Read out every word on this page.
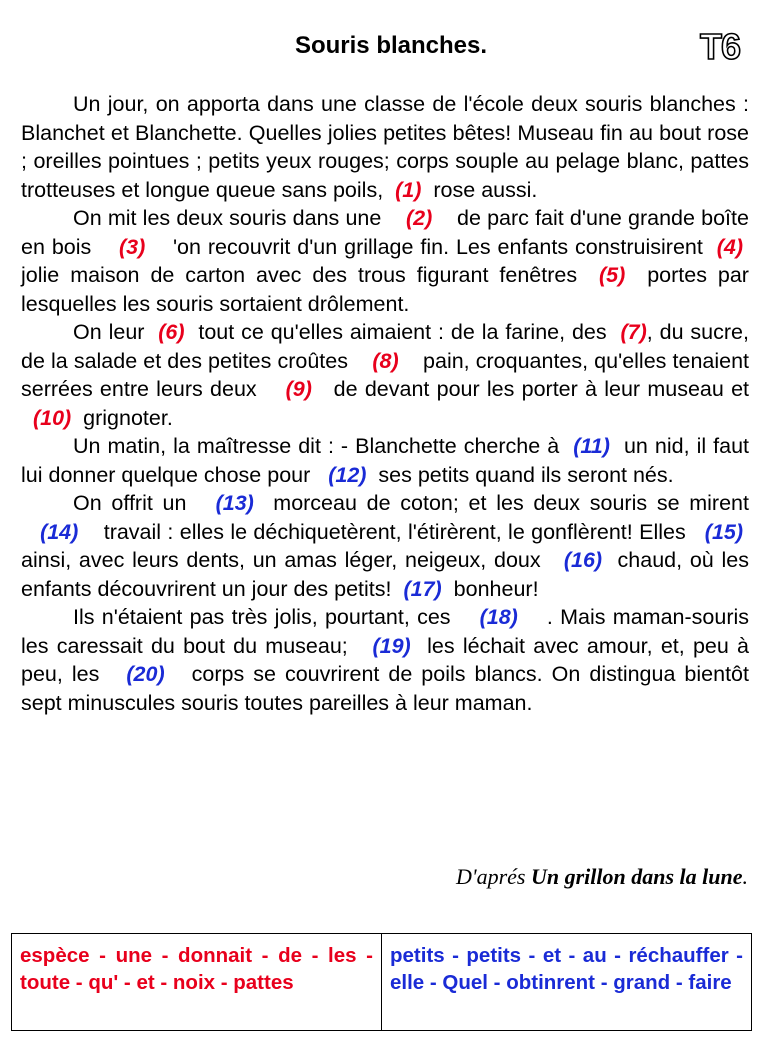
Souris blanches.	T6

Un jour, on apporta dans une classe de l'école deux souris blanches : Blanchet et Blanchette. Quelles jolies petites bêtes! Museau fin au bout rose ; oreilles pointues ; petits yeux rouges; corps souple au pelage blanc, pattes trotteuses et longue queue sans poils, (1) rose aussi.

On mit les deux souris dans une (2) de parc fait d'une grande boîte en bois (3) 'on recouvrit d'un grillage fin. Les enfants construisirent (4)  jolie maison de carton avec des trous figurant fenêtres (5) portes par lesquelles les souris sortaient drôlement.

On leur (6) tout ce qu'elles aimaient : de la farine, des (7), du sucre, de la salade et des petites croûtes (8) pain, croquantes, qu'elles tenaient serrées entre leurs deux (9) de devant pour les porter à leur museau et   (10) grignoter.

Un matin, la maîtresse dit : - Blanchette cherche à (11) un nid, il faut lui donner quelque chose pour (12) ses petits quand ils seront nés.

On offrit un (13) morceau de coton; et les deux souris se mirent    (14) travail : elles le déchiquetèrent, l'étirèrent, le gonflèrent! Elles (15)  ainsi, avec leurs dents, un amas léger, neigeux, doux (16) chaud, où les enfants découvrirent un jour des petits! (17) bonheur!

Ils n'étaient pas très jolis, pourtant, ces (18) . Mais maman-souris les caressait du bout du museau; (19) les léchait avec amour, et, peu à peu, les (20) corps se couvrirent de poils blancs. On distingua bientôt sept minuscules souris toutes pareilles à leur maman.

D'aprés Un grillon dans la lune.
espèce - une - donnait - de - les - toute - qu' - et - noix - pattes
petits - petits - et - au - réchauffer - elle - Quel - obtinrent - grand - faire
